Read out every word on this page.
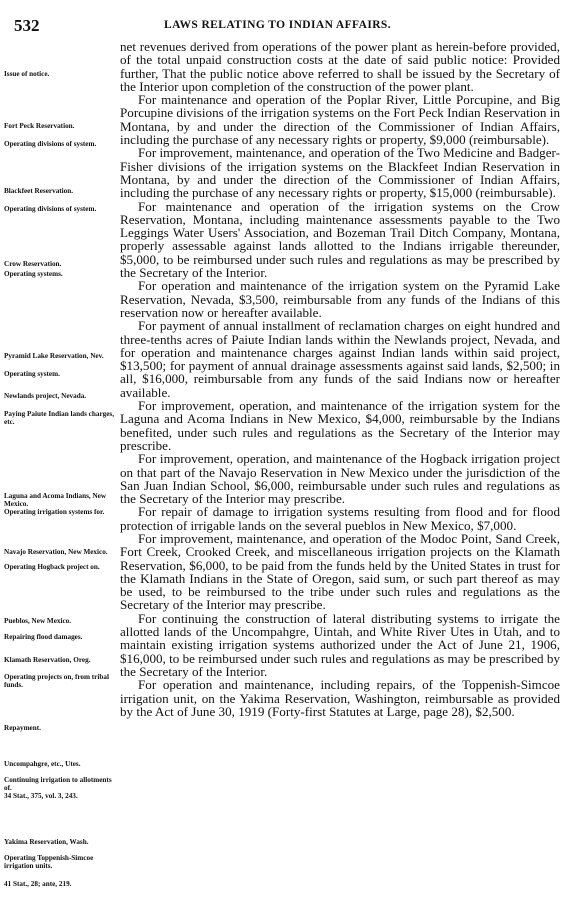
532	LAWS RELATING TO INDIAN AFFAIRS.
Issue of notice.
Fort Peck Reservation.
Operating divisions of system.
Blackfeet Reservation.
Operating divisions of system.
Crow Reservation.
Operating systems.
Pyramid Lake Reservation, Nev.
Operating system.
Newlands project, Nevada.
Paying Paiute Indian lands charges, etc.
Laguna and Acoma Indians, New Mexico.
Operating irrigation systems for.
Navajo Reservation, New Mexico.
Operating Hogback project on.
Pueblos, New Mexico.
Repairing flood damages.
Klamath Reservation, Oreg.
Operating projects on, from tribal funds.
Repayment.
Uncompahgre, etc., Utes.
Continuing irrigation to allotments of.
34 Stat., 375, vol. 3, 243.
Yakima Reservation, Wash.
Operating Toppenish-Simcoe irrigation units.
41 Stat., 28; ante, 219.

net revenues derived from operations of the power plant as herein-before provided, of the total unpaid construction costs at the date of said public notice: Provided further, That the public notice above referred to shall be issued by the Secretary of the Interior upon completion of the construction of the power plant.

For maintenance and operation of the Poplar River, Little Porcupine, and Big Porcupine divisions of the irrigation systems on the Fort Peck Indian Reservation in Montana, by and under the direction of the Commissioner of Indian Affairs, including the purchase of any necessary rights or property, $9,000 (reimbursable).

For improvement, maintenance, and operation of the Two Medicine and Badger-Fisher divisions of the irrigation systems on the Blackfeet Indian Reservation in Montana, by and under the direction of the Commissioner of Indian Affairs, including the purchase of any necessary rights or property, $15,000 (reimbursable).

For maintenance and operation of the irrigation systems on the Crow Reservation, Montana, including maintenance assessments payable to the Two Leggings Water Users' Association, and Bozeman Trail Ditch Company, Montana, properly assessable against lands allotted to the Indians irrigable thereunder, $5,000, to be reimbursed under such rules and regulations as may be prescribed by the Secretary of the Interior.

For operation and maintenance of the irrigation system on the Pyramid Lake Reservation, Nevada, $3,500, reimbursable from any funds of the Indians of this reservation now or hereafter available.

For payment of annual installment of reclamation charges on eight hundred and three-tenths acres of Paiute Indian lands within the Newlands project, Nevada, and for operation and maintenance charges against Indian lands within said project, $13,500; for payment of annual drainage assessments against said lands, $2,500; in all, $16,000, reimbursable from any funds of the said Indians now or hereafter available.

For improvement, operation, and maintenance of the irrigation system for the Laguna and Acoma Indians in New Mexico, $4,000, reimbursable by the Indians benefited, under such rules and regulations as the Secretary of the Interior may prescribe.

For improvement, operation, and maintenance of the Hogback irrigation project on that part of the Navajo Reservation in New Mexico under the jurisdiction of the San Juan Indian School, $6,000, reimbursable under such rules and regulations as the Secretary of the Interior may prescribe.

For repair of damage to irrigation systems resulting from flood and for flood protection of irrigable lands on the several pueblos in New Mexico, $7,000.

For improvement, maintenance, and operation of the Modoc Point, Sand Creek, Fort Creek, Crooked Creek, and miscellaneous irrigation projects on the Klamath Reservation, $6,000, to be paid from the funds held by the United States in trust for the Klamath Indians in the State of Oregon, said sum, or such part thereof as may be used, to be reimbursed to the tribe under such rules and regulations as the Secretary of the Interior may prescribe.

For continuing the construction of lateral distributing systems to irrigate the allotted lands of the Uncompahgre, Uintah, and White River Utes in Utah, and to maintain existing irrigation systems authorized under the Act of June 21, 1906, $16,000, to be reimbursed under such rules and regulations as may be prescribed by the Secretary of the Interior.

For operation and maintenance, including repairs, of the Toppenish-Simcoe irrigation unit, on the Yakima Reservation, Washington, reimbursable as provided by the Act of June 30, 1919 (Forty-first Statutes at Large, page 28), $2,500.
